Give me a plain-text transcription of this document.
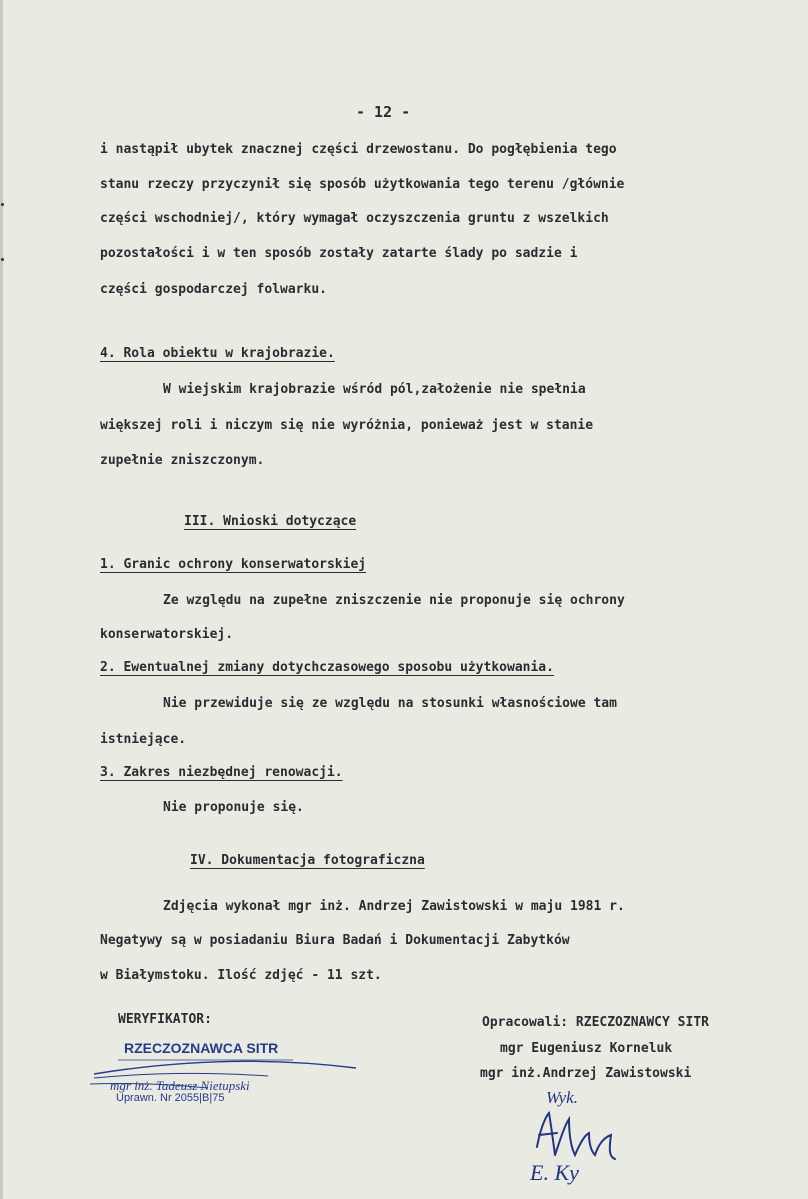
- 12 -
i nastąpił ubytek znacznej części drzewostanu. Do pogłębienia tego
stanu rzeczy przyczynił się sposób użytkowania tego terenu /głównie
części wschodniej/, który wymagał oczyszczenia gruntu z wszelkich
pozostałości i w ten sposób zostały zatarte ślady po sadzie i
części gospodarczej folwarku.
4. Rola obiektu w krajobrazie.
W wiejskim krajobrazie wśród pól,założenie nie spełnia
większej roli i niczym się nie wyróżnia, ponieważ jest w stanie
zupełnie zniszczonym.
III. Wnioski dotyczące
1. Granic ochrony konserwatorskiej
Ze względu na zupełne zniszczenie nie proponuje się ochrony
konserwatorskiej.
2. Ewentualnej zmiany dotychczasowego sposobu użytkowania.
Nie przewiduje się ze względu na stosunki własnościowe tam
istniejące.
3. Zakres niezbędnej renowacji.
Nie proponuje się.
IV. Dokumentacja fotograficzna
Zdjęcia wykonał mgr inż. Andrzej Zawistowski w maju 1981 r.
Negatywy są w posiadaniu Biura Badań i Dokumentacji Zabytków
w Białymstoku. Ilość zdjęć - 11 szt.
WERYFIKATOR:	Opracowali: RZECZOZNAWCY SITR
mgr Eugeniusz Korneluk
mgr inż.Andrzej Zawistowski
RZECZOZNAWCA SITR
mgr inż. Tadeusz Nietupski
Uprawn. Nr 2055|B|75	Wyk.
E. Ky
